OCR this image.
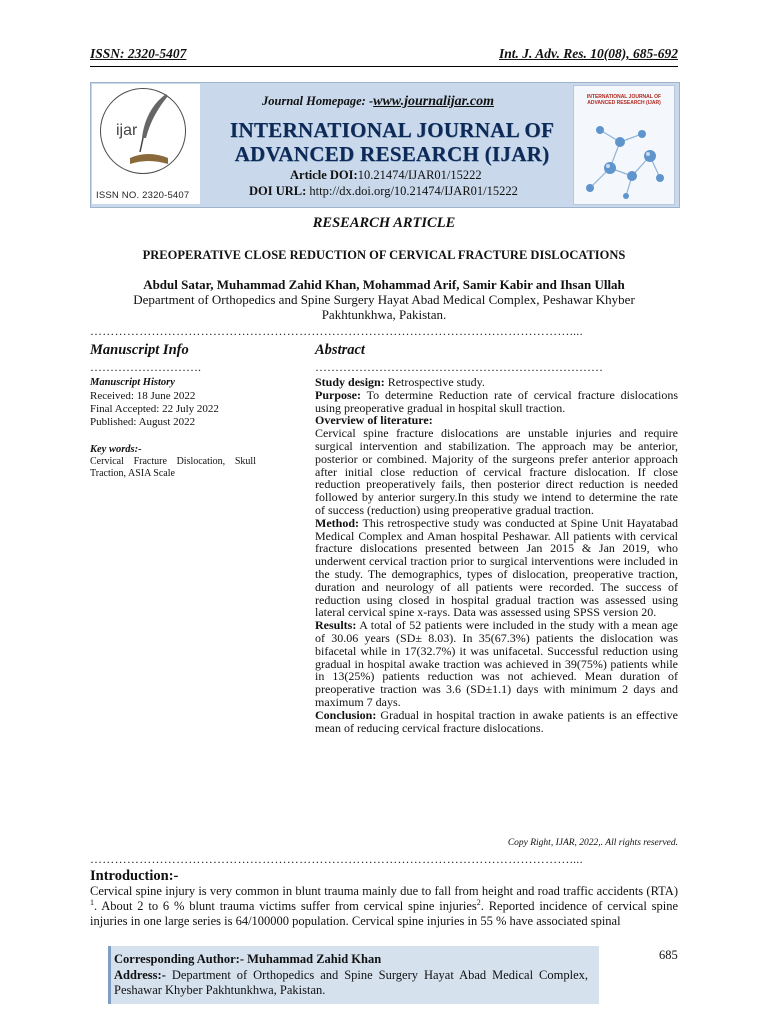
ISSN: 2320-5407	Int. J. Adv. Res. 10(08), 685-692
ijar
ISSN NO. 2320-5407
Journal Homepage: -www.journalijar.com
INTERNATIONAL JOURNAL OF
ADVANCED RESEARCH (IJAR)
Article DOI:10.21474/IJAR01/15222
DOI URL: http://dx.doi.org/10.21474/IJAR01/15222
INTERNATIONAL JOURNAL OF ADVANCED RESEARCH (IJAR)
RESEARCH ARTICLE
PREOPERATIVE CLOSE REDUCTION OF CERVICAL FRACTURE DISLOCATIONS
Abdul Satar, Muhammad Zahid Khan, Mohammad Arif, Samir Kabir and Ihsan Ullah
Department of Orthopedics and Spine Surgery Hayat Abad Medical Complex, Peshawar Khyber Pakhtunkhwa, Pakistan.
………………………………………………………………………………………………………....
Manuscript Info
……………………….
Manuscript History
Received: 18 June 2022
Final Accepted: 22 July 2022
Published: August 2022
Key words:-
Cervical Fracture Dislocation, Skull Traction, ASIA Scale
Abstract
………………………………………………………………

Study design: Retrospective study.

Purpose: To determine Reduction rate of cervical fracture dislocations using preoperative gradual in hospital skull traction.

Overview of literature:

Cervical spine fracture dislocations are unstable injuries and require surgical intervention and stabilization. The approach may be anterior, posterior or combined. Majority of the surgeons prefer anterior approach after initial close reduction of cervical fracture dislocation. If close reduction preoperatively fails, then posterior direct reduction is needed followed by anterior surgery.In this study we intend to determine the rate of success (reduction) using preoperative gradual traction.

Method: This retrospective study was conducted at Spine Unit Hayatabad Medical Complex and Aman hospital Peshawar. All patients with cervical fracture dislocations presented between Jan 2015 & Jan 2019, who underwent cervical traction prior to surgical interventions were included in the study. The demographics, types of dislocation, preoperative traction, duration and neurology of all patients were recorded. The success of reduction using closed in hospital gradual traction was assessed using lateral cervical spine x-rays. Data was assessed using SPSS version 20.

Results: A total of 52 patients were included in the study with a mean age of 30.06 years (SD± 8.03). In 35(67.3%) patients the dislocation was bifacetal while in 17(32.7%) it was unifacetal. Successful reduction using gradual in hospital awake traction was achieved in 39(75%) patients while in 13(25%) patients reduction was not achieved. Mean duration of preoperative traction was 3.6 (SD±1.1) days with minimum 2 days and maximum 7 days.

Conclusion: Gradual in hospital traction in awake patients is an effective mean of reducing cervical fracture dislocations.

Copy Right, IJAR, 2022,. All rights reserved.
………………………………………………………………………………………………………....
Introduction:-
Cervical spine injury is very common in blunt trauma mainly due to fall from height and road traffic accidents (RTA) $^1$. About 2 to 6 % blunt trauma victims suffer from cervical spine injuries$^2$. Reported incidence of cervical spine injuries in one large series is 64/100000 population. Cervical spine injuries in 55 % have associated spinal
Corresponding Author:- Muhammad Zahid Khan
Address:- Department of Orthopedics and Spine Surgery Hayat Abad Medical Complex, Peshawar Khyber Pakhtunkhwa, Pakistan.
685
